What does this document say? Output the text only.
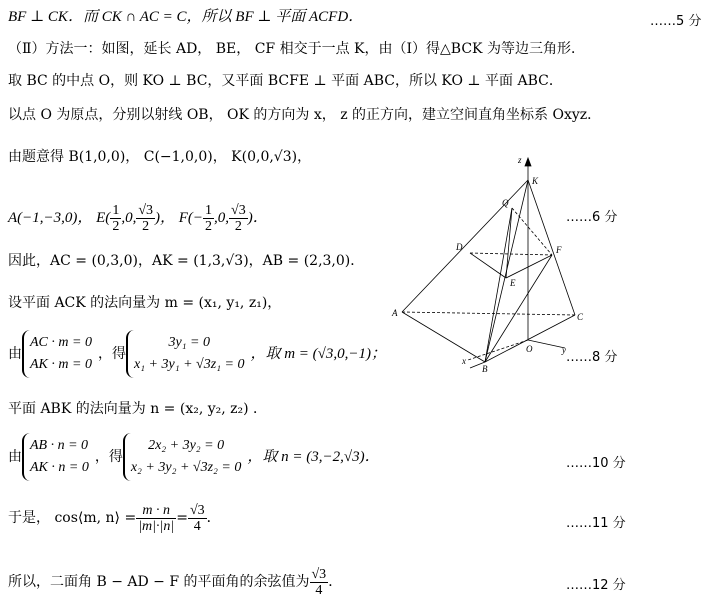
BF ⊥ CK．而 CK ∩ AC = C，所以 BF ⊥ 平面 ACFD．	……5 分
（Ⅱ）方法一：如图，延长 AD， BE， CF 相交于一点 K，由（Ⅰ）得△BCK 为等边三角形．
取 BC 的中点 O，则 KO ⊥ BC，又平面 BCFE ⊥ 平面 ABC，所以 KO ⊥ 平面 ABC．
以点 O 为原点，分别以射线 OB， OK 的方向为 x， z 的正方向，建立空间直角坐标系 Oxyz．
由题意得 B(1,0,0)， C(−1,0,0)， K(0,0,√3)，
A(−1,−3,0)， $E( \frac{1}{2} ,0$, $\frac{√3}{2}$ )， $F(- \frac{1}{2} ,0$, $\frac{√3}{2}$ )．	……6 分
因此，AC = (0,3,0)，AK = (1,3,√3)，AB = (2,3,0)．
设平面 ACK 的法向量为 m = (x₁, y₁, z₁)，
由
AC · m = 0
AK · m = 0
，得
3y₁ = 0
x₁ + 3y₁ + √3z₁ = 0
，取 m = (√3,0,−1)；	……8 分
平面 ABK 的法向量为 n = (x₂, y₂, z₂) ．
由
AB · n = 0
AK · n = 0
，得
2x₂ + 3y₂ = 0
x₂ + 3y₂ + √3z₂ = 0
，取 n = (3,−2,√3)．	……10 分
于是， cos⟨m, n⟩ = $\frac{m \cdot n}{|m|\cdot|n|} = \frac{√3}{4}$ ．	……11 分
所以，二面角 B − AD − F 的平面角的余弦值为 $\frac{√3}{4}$ ．	……12 分
z
K
Q
D	F
E
A	C
O	y
x
B
